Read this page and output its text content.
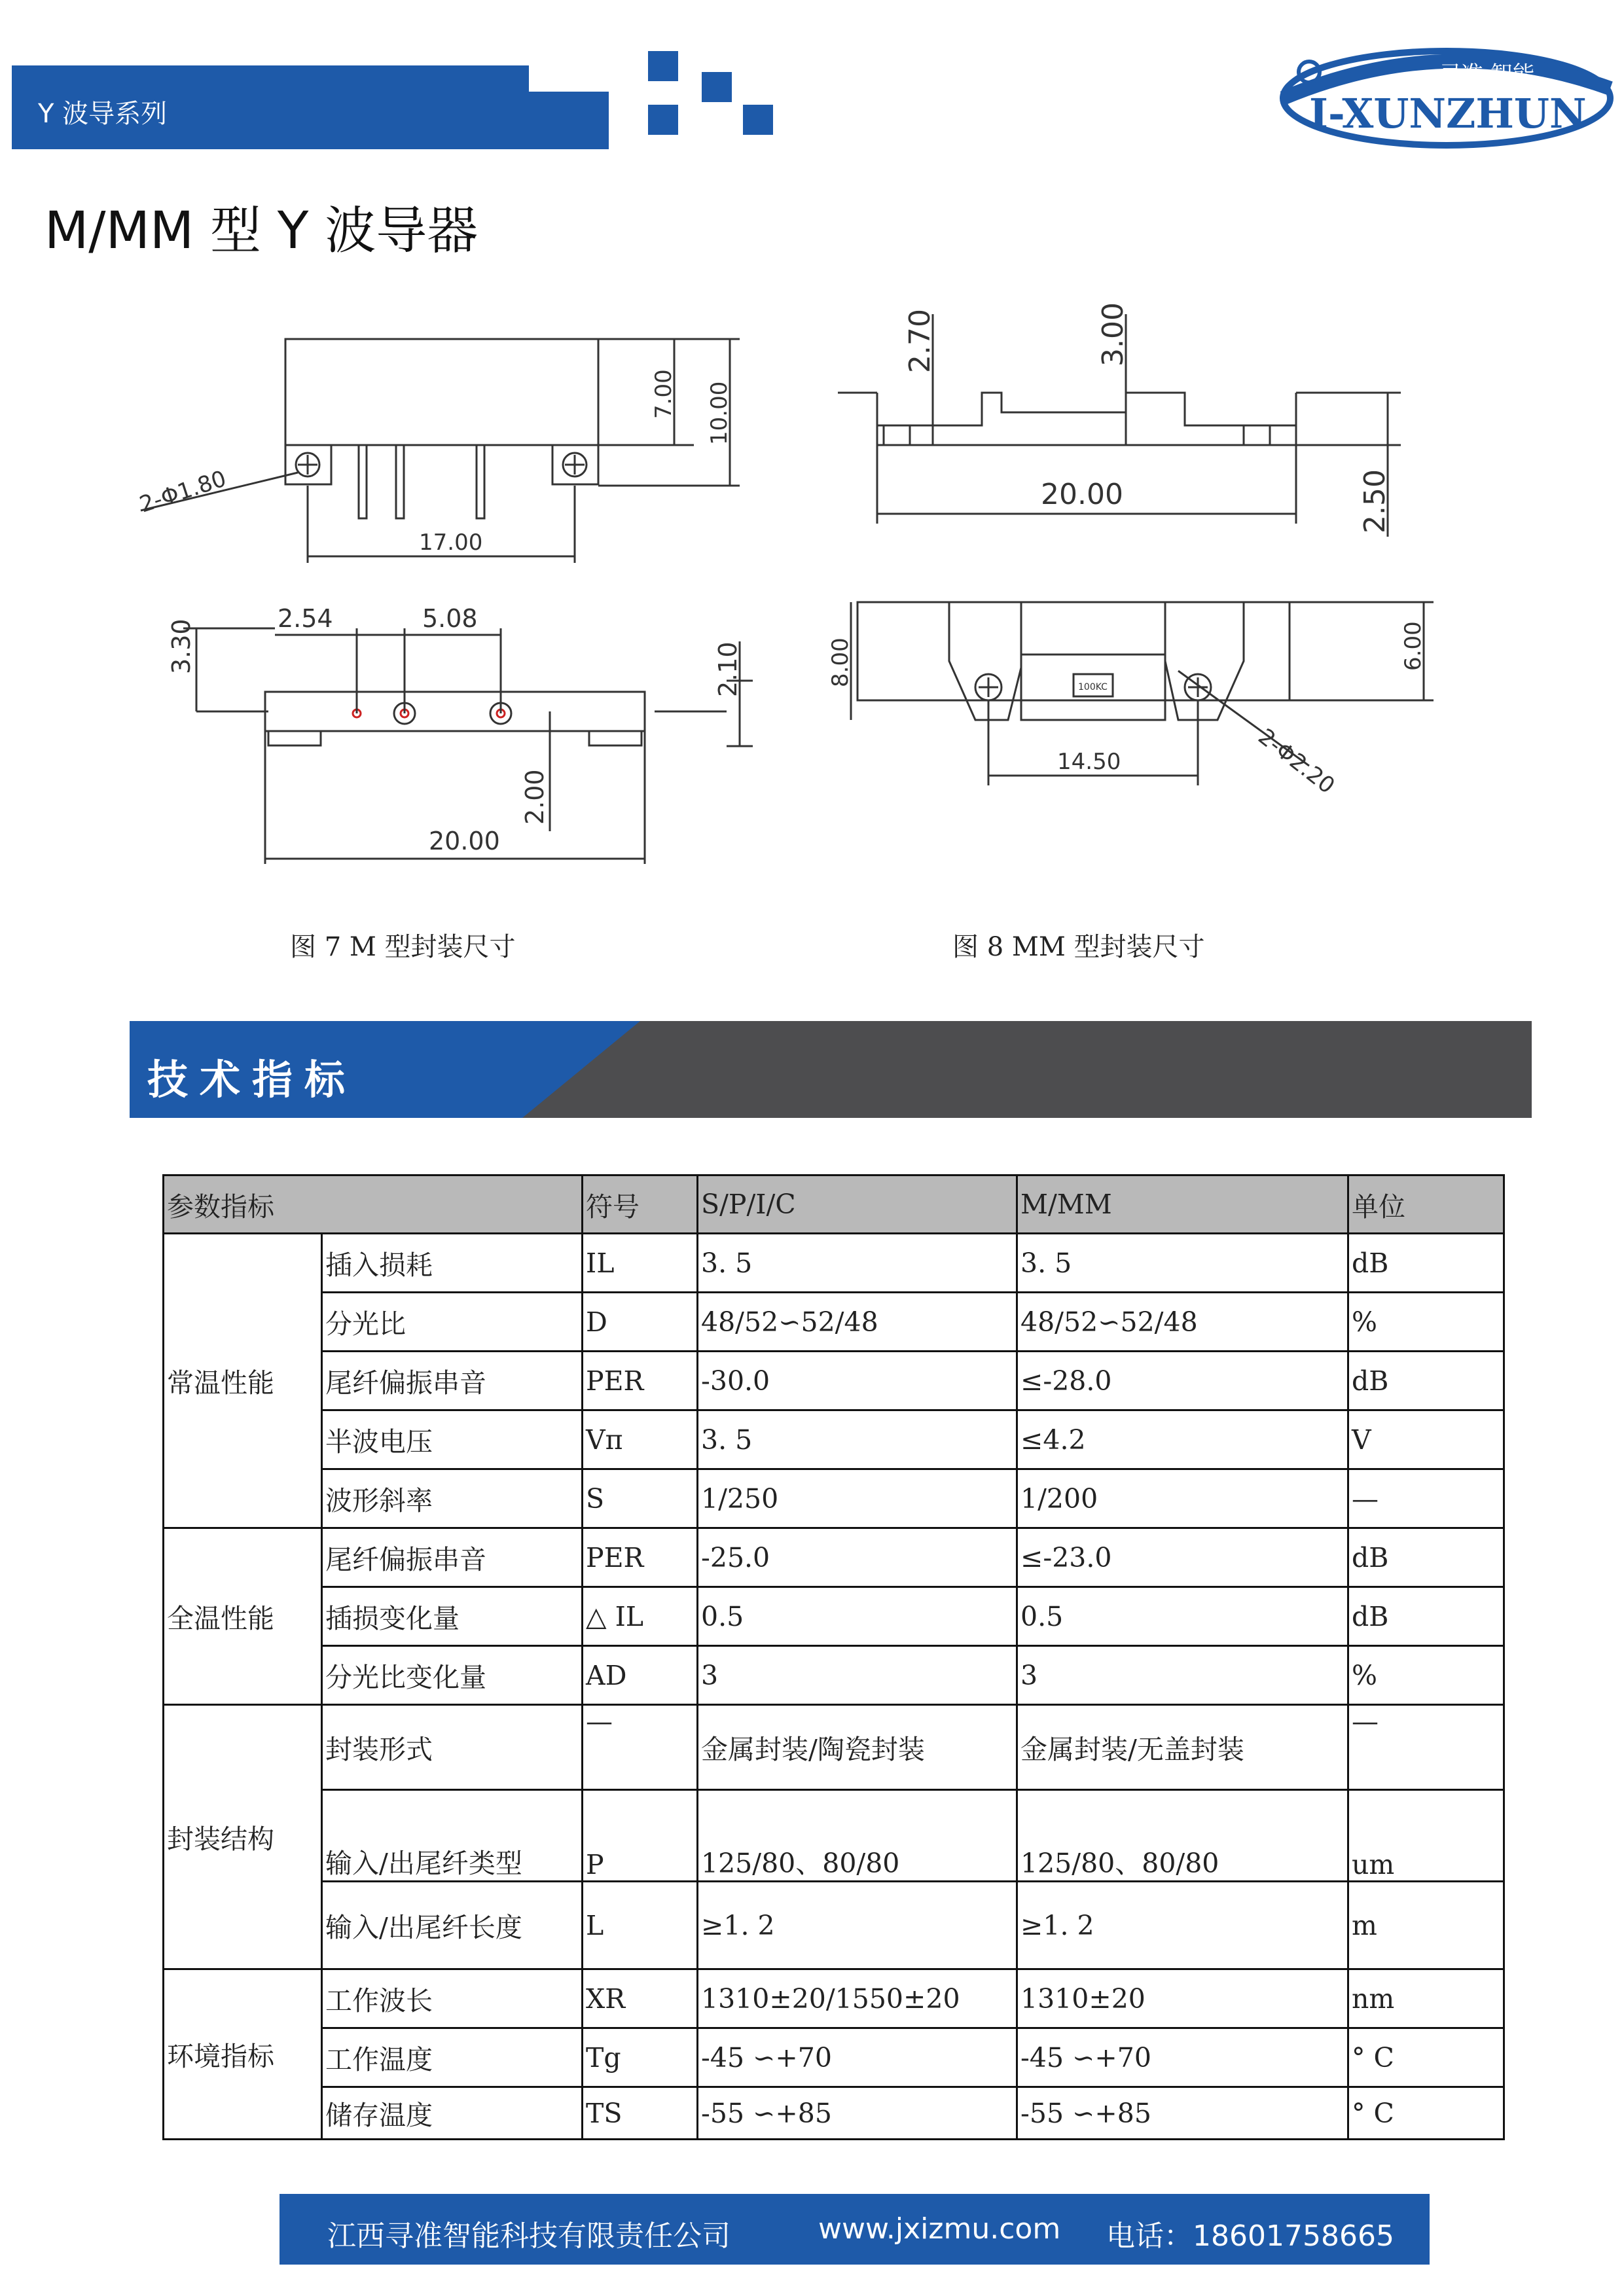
Y 波导系列
寻准·智能
I-XUNZHUN
M/MM 型 Y 波导器
2-Φ1.80
7.00 10.00
17.00
3.30
2.54	5.08
2.10
2.00
20.00
2.70	3.00
20.00	2.50
100KC
8.00	6.00
14.50	2-Φ2.20
图 7 M 型封装尺寸	图 8 MM 型封装尺寸
技术指标
参数指标		符号	S/P/I/C	M/MM	单位
常温性能	插入损耗	IL	3. 5	3. 5	dB
	分光比	D	48/52∽52/48	48/52∽52/48	%
	尾纤偏振串音	PER	-30.0	≤-28.0	dB
	半波电压	Vπ	3. 5	≤4.2	V
	波形斜率	S	1/250	1/200	—
全温性能	尾纤偏振串音	PER	-25.0	≤-23.0	dB
	插损变化量	△ IL	0.5	0.5	dB
	分光比变化量	AD	3	3	%
封装结构	封装形式	—	金属封装/陶瓷封装	金属封装/无盖封装	—
	输入/出尾纤类型	P	125/80、80/80	125/80、80/80	um
	输入/出尾纤长度	L	≥1. 2	≥1. 2	m
环境指标	工作波长	XR	1310±20/1550±20	1310±20	nm
	工作温度	Tg	-45 ∽+70	-45 ∽+70	° C
	储存温度	TS	-55 ∽+85	-55 ∽+85	° C
江西寻准智能科技有限责任公司	www.jxizmu.com 电话：18601758665
